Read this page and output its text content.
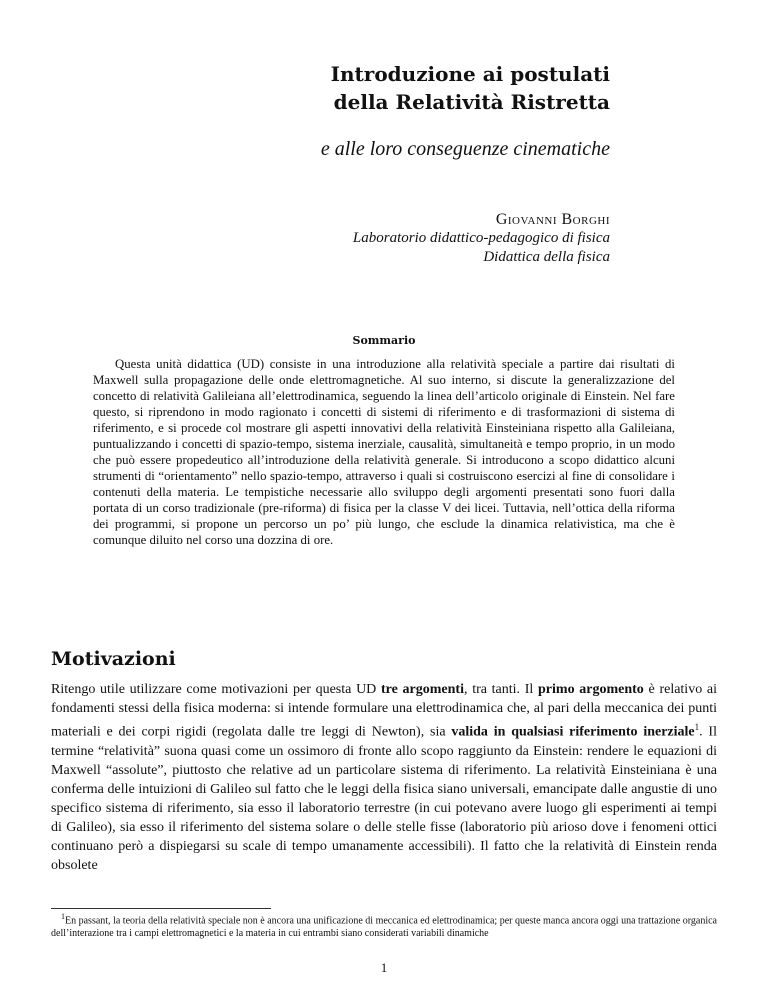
Introduzione ai postulati
della Relatività Ristretta
e alle loro conseguenze cinematiche
Giovanni Borghi
Laboratorio didattico-pedagogico di fisica
Didattica della fisica
Sommario

Questa unità didattica (UD) consiste in una introduzione alla relatività speciale a partire dai risultati di Maxwell sulla propagazione delle onde elettromagnetiche. Al suo interno, si discute la generalizzazione del concetto di relatività Galileiana all’elettrodinamica, seguendo la linea dell’articolo originale di Einstein. Nel fare questo, si riprendono in modo ragionato i concetti di sistemi di riferimento e di trasformazioni di sistema di riferimento, e si procede col mostrare gli aspetti innovativi della relatività Einsteiniana rispetto alla Galileiana, puntualizzando i concetti di spazio-tempo, sistema inerziale, causalità, simultaneità e tempo proprio, in un modo che può essere propedeutico all’introduzione della relatività generale. Si introducono a scopo didattico alcuni strumenti di “orientamento” nello spazio-tempo, attraverso i quali si costruiscono esercizi al fine di consolidare i contenuti della materia. Le tempistiche necessarie allo sviluppo degli argomenti presentati sono fuori dalla portata di un corso tradizionale (pre-riforma) di fisica per la classe V dei licei. Tuttavia, nell’ottica della riforma dei programmi, si propone un percorso un po’ più lungo, che esclude la dinamica relativistica, ma che è comunque diluito nel corso una dozzina di ore.

Motivazioni

Ritengo utile utilizzare come motivazioni per questa UD tre argomenti, tra tanti. Il primo argomento è relativo ai fondamenti stessi della fisica moderna: si intende formulare una elettrodinamica che, al pari della meccanica dei punti materiali e dei corpi rigidi (regolata dalle tre leggi di Newton), sia valida in qualsiasi riferimento inerziale$^1$. Il termine “relatività” suona quasi come un ossimoro di fronte allo scopo raggiunto da Einstein: rendere le equazioni di Maxwell “assolute”, piuttosto che relative ad un particolare sistema di riferimento. La relatività Einsteiniana è una conferma delle intuizioni di Galileo sul fatto che le leggi della fisica siano universali, emancipate dalle angustie di uno specifico sistema di riferimento, sia esso il laboratorio terrestre (in cui potevano avere luogo gli esperimenti ai tempi di Galileo), sia esso il riferimento del sistema solare o delle stelle fisse (laboratorio più arioso dove i fenomeni ottici continuano però a dispiegarsi su scale di tempo umanamente accessibili). Il fatto che la relatività di Einstein renda obsolete

$^1$En passant, la teoria della relatività speciale non è ancora una unificazione di meccanica ed elettrodinamica; per queste manca ancora oggi una trattazione organica dell’interazione tra i campi elettromagnetici e la materia in cui entrambi siano considerati variabili dinamiche

1
